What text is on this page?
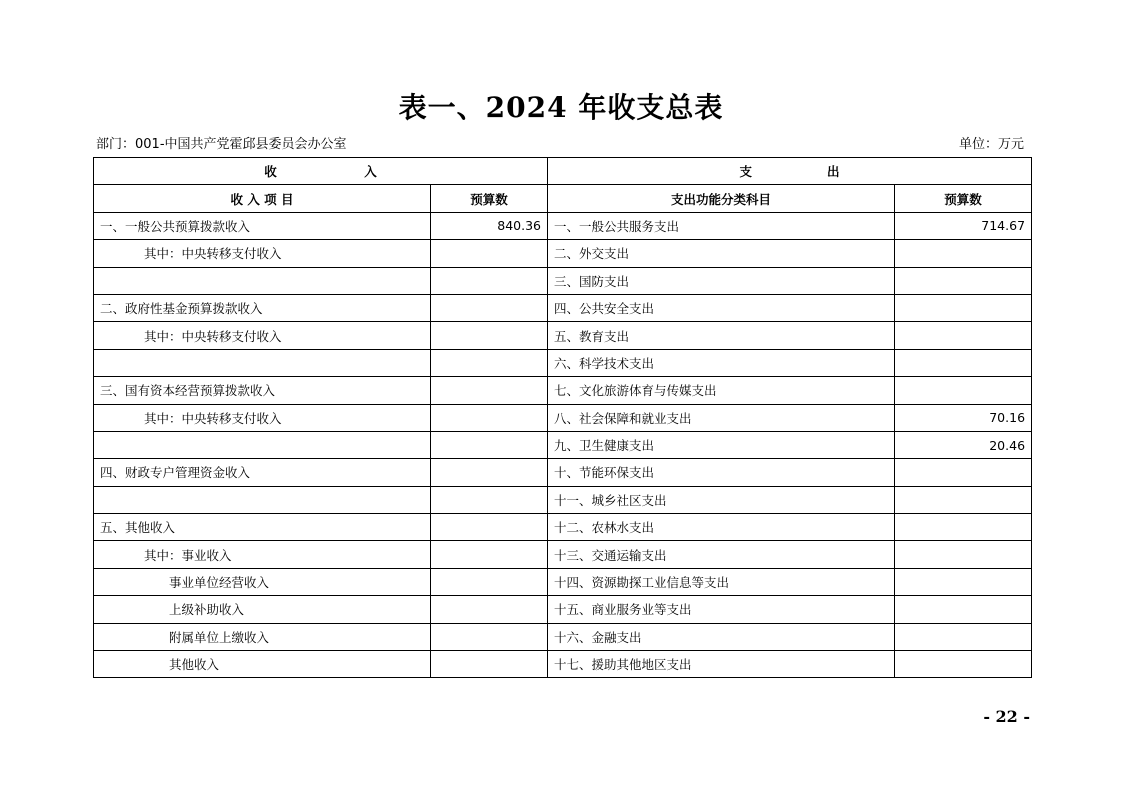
表一、2024 年收支总表
部门：001-中国共产党霍邱县委员会办公室	单位：万元
收　　　　　　　入		支　　　　　　出	
收 入 项 目	预算数	支出功能分类科目	预算数
一、一般公共预算拨款收入	840.36	一、一般公共服务支出	714.67
其中：中央转移支付收入		二、外交支出	
		三、国防支出	
二、政府性基金预算拨款收入		四、公共安全支出	
其中：中央转移支付收入		五、教育支出	
		六、科学技术支出	
三、国有资本经营预算拨款收入		七、文化旅游体育与传媒支出	
其中：中央转移支付收入		八、社会保障和就业支出	70.16
		九、卫生健康支出	20.46
四、财政专户管理资金收入		十、节能环保支出	
		十一、城乡社区支出	
五、其他收入		十二、农林水支出	
其中：事业收入		十三、交通运输支出	
事业单位经营收入		十四、资源勘探工业信息等支出	
上级补助收入		十五、商业服务业等支出	
附属单位上缴收入		十六、金融支出	
其他收入		十七、援助其他地区支出	
- 22 -
